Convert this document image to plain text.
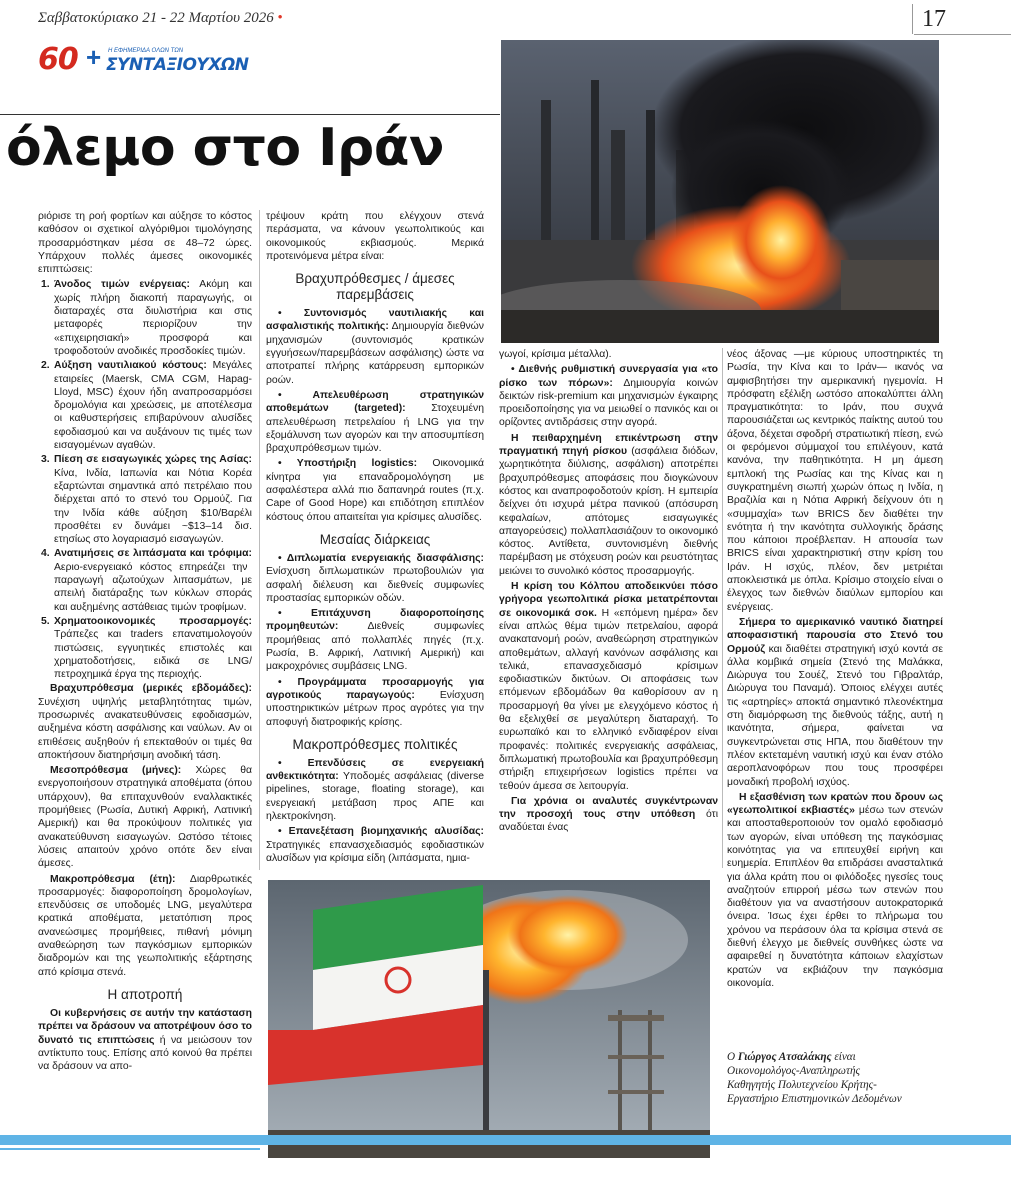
Σαββατοκύριακο 21 - 22 Μαρτίου 2026 •	17
60 + Η ΕΦΗΜΕΡΙΔΑ ΟΛΩΝ ΤΩΝ
ΣΥΝΤΑΞΙΟΥΧΩΝ
όλεμο στο Ιράν

ριόρισε τη ροή φορτίων και αύξησε το κόστος καθόσον οι σχετικοί αλγόριθμοι τιμολόγησης προσαρμόστηκαν μέσα σε 48–72 ώρες. Υπάρχουν πολλές άμεσες οικονομικές επιπτώσεις:

1. Άνοδος τιμών ενέργειας: Ακόμη και χωρίς πλήρη διακοπή παραγωγής, οι διαταραχές στα διυλιστήρια και στις μεταφορές περιορίζουν την «επιχειρησιακή» προσφορά και τροφοδοτούν ανοδικές προσδοκίες τιμών.

2. Αύξηση ναυτιλιακού κόστους: Μεγάλες εταιρείες (Maersk, CMA CGM, Hapag-Lloyd, MSC) έχουν ήδη αναπροσαρμόσει δρομολόγια και χρεώσεις, με αποτέλεσμα οι καθυστερήσεις επιβαρύνουν αλυσίδες εφοδιασμού και να αυξάνουν τις τιμές των εισαγομένων αγαθών.

3. Πίεση σε εισαγωγικές χώρες της Ασίας: Κίνα, Ινδία, Ιαπωνία και Νότια Κορέα εξαρτώνται σημαντικά από πετρέλαιο που διέρχεται από το στενό του Ορμούζ. Για την Ινδία κάθε αύξηση $10/Βαρέλι προσθέτει εν δυνάμει ~$13–14 δισ. ετησίως στο λογαριασμό εισαγωγών.

4. Ανατιμήσεις σε λιπάσματα και τρόφιμα: Αεριο-ενεργειακό κόστος επηρεάζει την παραγωγή αζωτούχων λιπασμάτων, με απειλή διατάραξης των κύκλων σποράς και αυξημένης αστάθειας τιμών τροφίμων.

5. Χρηματοοικονομικές προσαρμογές: Τράπεζες και traders επανατιμολογούν πιστώσεις, εγγυητικές επιστολές και χρηματοδοτήσεις, ειδικά σε LNG/πετροχημικά έργα της περιοχής.

Βραχυπρόθεσμα (μερικές εβδομάδες): Συνέχιση υψηλής μεταβλητότητας τιμών, προσωρινές ανακατευθύνσεις εφοδιασμών, αυξημένα κόστη ασφάλισης και ναύλων. Αν οι επιθέσεις αυξηθούν ή επεκταθούν οι τιμές θα αποκτήσουν διατηρήσιμη ανοδική τάση.

Μεσοπρόθεσμα (μήνες): Χώρες θα ενεργοποιήσουν στρατηγικά αποθέματα (όπου υπάρχουν), θα επιταχυνθούν εναλλακτικές προμήθειες (Ρωσία, Δυτική Αφρική, Λατινική Αμερική) και θα προκύψουν πολιτικές για ανακατεύθυνση εισαγωγών. Ωστόσο τέτοιες λύσεις απαιτούν χρόνο οπότε δεν είναι άμεσες.

Μακροπρόθεσμα (έτη): Διαρθρωτικές προσαρμογές: διαφοροποίηση δρομολογίων, επενδύσεις σε υποδομές LNG, μεγαλύτερα κρατικά αποθέματα, μετατόπιση προς ανανεώσιμες προμήθειες, πιθανή μόνιμη αναθεώρηση των παγκόσμιων εμπορικών διαδρομών και της γεωπολιτικής εξάρτησης από κρίσιμα στενά.

Η αποτροπή

Οι κυβερνήσεις σε αυτήν την κατάσταση πρέπει να δράσουν να αποτρέψουν όσο το δυνατό τις επιπτώσεις ή να μειώσουν τον αντίκτυπο τους. Επίσης από κοινού θα πρέπει να δράσουν να απο-

τρέψουν κράτη που ελέγχουν στενά περάσματα, να κάνουν γεωπολιτικούς και οικονομικούς εκβιασμούς. Μερικά προτεινόμενα μέτρα είναι:

Βραχυπρόθεσμες / άμεσες παρεμβάσεις

• Συντονισμός ναυτιλιακής και ασφαλιστικής πολιτικής: Δημιουργία διεθνών μηχανισμών (συντονισμός κρατικών εγγυήσεων/παρεμβάσεων ασφάλισης) ώστε να αποτραπεί πλήρης κατάρρευση εμπορικών ροών.

• Απελευθέρωση στρατηγικών αποθεμάτων (targeted): Στοχευμένη απελευθέρωση πετρελαίου ή LNG για την εξομάλυνση των αγορών και την αποσυμπίεση βραχυπρόθεσμων τιμών.

• Υποστήριξη logistics: Οικονομικά κίνητρα για επαναδρομολόγηση με ασφαλέστερα αλλά πιο δαπανηρά routes (π.χ. Cape of Good Hope) και επιδότηση επιπλέον κόστους όπου απαιτείται για κρίσιμες αλυσίδες.

Μεσαίας διάρκειας

• Διπλωματία ενεργειακής διασφάλισης: Ενίσχυση διπλωματικών πρωτοβουλιών για ασφαλή διέλευση και διεθνείς συμφωνίες προστασίας εμπορικών οδών.

• Επιτάχυνση διαφοροποίησης προμηθευτών: Διεθνείς συμφωνίες προμήθειας από πολλαπλές πηγές (π.χ. Ρωσία, Β. Αφρική, Λατινική Αμερική) και μακροχρόνιες συμβάσεις LNG.

• Προγράμματα προσαρμογής για αγροτικούς παραγωγούς: Ενίσχυση υποστηρικτικών μέτρων προς αγρότες για την αποφυγή διατροφικής κρίσης.

Μακροπρόθεσμες πολιτικές

• Επενδύσεις σε ενεργειακή ανθεκτικότητα: Υποδομές ασφάλειας (diverse pipelines, storage, floating storage), και ενεργειακή μετάβαση προς ΑΠΕ και ηλεκτροκίνηση.

• Επανεξέταση βιομηχανικής αλυσίδας: Στρατηγικές επανασχεδιασμός εφοδιαστικών αλυσίδων για κρίσιμα είδη (λιπάσματα, ημια-

γωγοί, κρίσιμα μέταλλα).

• Διεθνής ρυθμιστική συνεργασία για «το ρίσκο των πόρων»: Δημιουργία κοινών δεικτών risk-premium και μηχανισμών έγκαιρης προειδοποίησης για να μειωθεί ο πανικός και οι ορίζοντες αντιδράσεις στην αγορά.

Η πειθαρχημένη επικέντρωση στην πραγματική πηγή ρίσκου (ασφάλεια διόδων, χωρητικότητα διύλισης, ασφάλιση) αποτρέπει βραχυπρόθεσμες αποφάσεις που διογκώνουν κόστος και αναπροφοδοτούν κρίση. Η εμπειρία δείχνει ότι ισχυρά μέτρα πανικού (απόσυρση κεφαλαίων, απότομες εισαγωγικές απαγορεύσεις) πολλαπλασιάζουν το οικονομικό κόστος. Αντίθετα, συντονισμένη διεθνής παρέμβαση με στόχευση ροών και ρευστότητας μειώνει το συνολικό κόστος προσαρμογής.

Η κρίση του Κόλπου αποδεικνύει πόσο γρήγορα γεωπολιτικά ρίσκα μετατρέπονται σε οικονομικά σοκ. Η «επόμενη ημέρα» δεν είναι απλώς θέμα τιμών πετρελαίου, αφορά ανακατανομή ροών, αναθεώρηση στρατηγικών αποθεμάτων, αλλαγή κανόνων ασφάλισης και τελικά, επανασχεδιασμό κρίσιμων εφοδιαστικών δικτύων. Οι αποφάσεις των επόμενων εβδομάδων θα καθορίσουν αν η προσαρμογή θα γίνει με ελεγχόμενο κόστος ή θα εξελιχθεί σε μεγαλύτερη διαταραχή. Το ευρωπαϊκό και το ελληνικό ενδιαφέρον είναι προφανές: πολιτικές ενεργειακής ασφάλειας, διπλωματική πρωτοβουλία και βραχυπρόθεσμη στήριξη επιχειρήσεων logistics πρέπει να τεθούν άμεσα σε λειτουργία.

Για χρόνια οι αναλυτές συγκέντρωναν την προσοχή τους στην υπόθεση ότι αναδύεται ένας

νέος άξονας —με κύριους υποστηρικτές τη Ρωσία, την Κίνα και το Ιράν— ικανός να αμφισβητήσει την αμερικανική ηγεμονία. Η πρόσφατη εξέλιξη ωστόσο αποκαλύπτει άλλη πραγματικότητα: το Ιράν, που συχνά παρουσιάζεται ως κεντρικός παίκτης αυτού του άξονα, δέχεται σφοδρή στρατιωτική πίεση, ενώ οι φερόμενοι σύμμαχοί του επιλέγουν, κατά κανόνα, την παθητικότητα. Η μη άμεση εμπλοκή της Ρωσίας και της Κίνας και η συγκρατημένη σιωπή χωρών όπως η Ινδία, η Βραζιλία και η Νότια Αφρική δείχνουν ότι η «συμμαχία» των BRICS δεν διαθέτει την ενότητα ή την ικανότητα συλλογικής δράσης που κάποιοι προέβλεπαν. Η απουσία των BRICS είναι χαρακτηριστική στην κρίση του Ιράν. Η ισχύς, πλέον, δεν μετριέται αποκλειστικά με όπλα. Κρίσιμο στοιχείο είναι ο έλεγχος των διεθνών διαύλων εμπορίου και ενέργειας.

Σήμερα το αμερικανικό ναυτικό διατηρεί αποφασιστική παρουσία στο Στενό του Ορμούζ και διαθέτει στρατηγική ισχύ κοντά σε άλλα κομβικά σημεία (Στενό της Μαλάκκα, Διώρυγα του Σουέζ, Στενό του Γιβραλτάρ, Διώρυγα του Παναμά). Όποιος ελέγχει αυτές τις «αρτηρίες» αποκτά σημαντικό πλεονέκτημα στη διαμόρφωση της διεθνούς τάξης, αυτή η ικανότητα, σήμερα, φαίνεται να συγκεντρώνεται στις ΗΠΑ, που διαθέτουν την πλέον εκτεταμένη ναυτική ισχύ και έναν στόλο αεροπλανοφόρων που τους προσφέρει μοναδική προβολή ισχύος.

Η εξασθένιση των κρατών που δρουν ως «γεωπολιτικοί εκβιαστές» μέσω των στενών και αποσταθεροποιούν τον ομαλό εφοδιασμό των αγορών, είναι υπόθεση της παγκόσμιας κοινότητας για να επιτευχθεί ειρήνη και ευημερία. Επιπλέον θα επιδράσει ανασταλτικά για άλλα κράτη που οι φιλόδοξες ηγεσίες τους αναζητούν επιρροή μέσω των στενών που διαθέτουν για να αναστήσουν αυτοκρατορικά όνειρα. Ίσως έχει έρθει το πλήρωμα του χρόνου να περάσουν όλα τα κρίσιμα στενά σε διεθνή έλεγχο με διεθνείς συνθήκες ώστε να αφαιρεθεί η δυνατότητα κάποιων ελαχίστων κρατών να εκβιάζουν την παγκόσμια οικονομία.

Ο Γιώργος Ατσαλάκης είναι
Οικονομολόγος-Αναπληρωτής
Καθηγητής Πολυτεχνείου Κρήτης-
Εργαστήριο Επιστημονικών Δεδομένων
